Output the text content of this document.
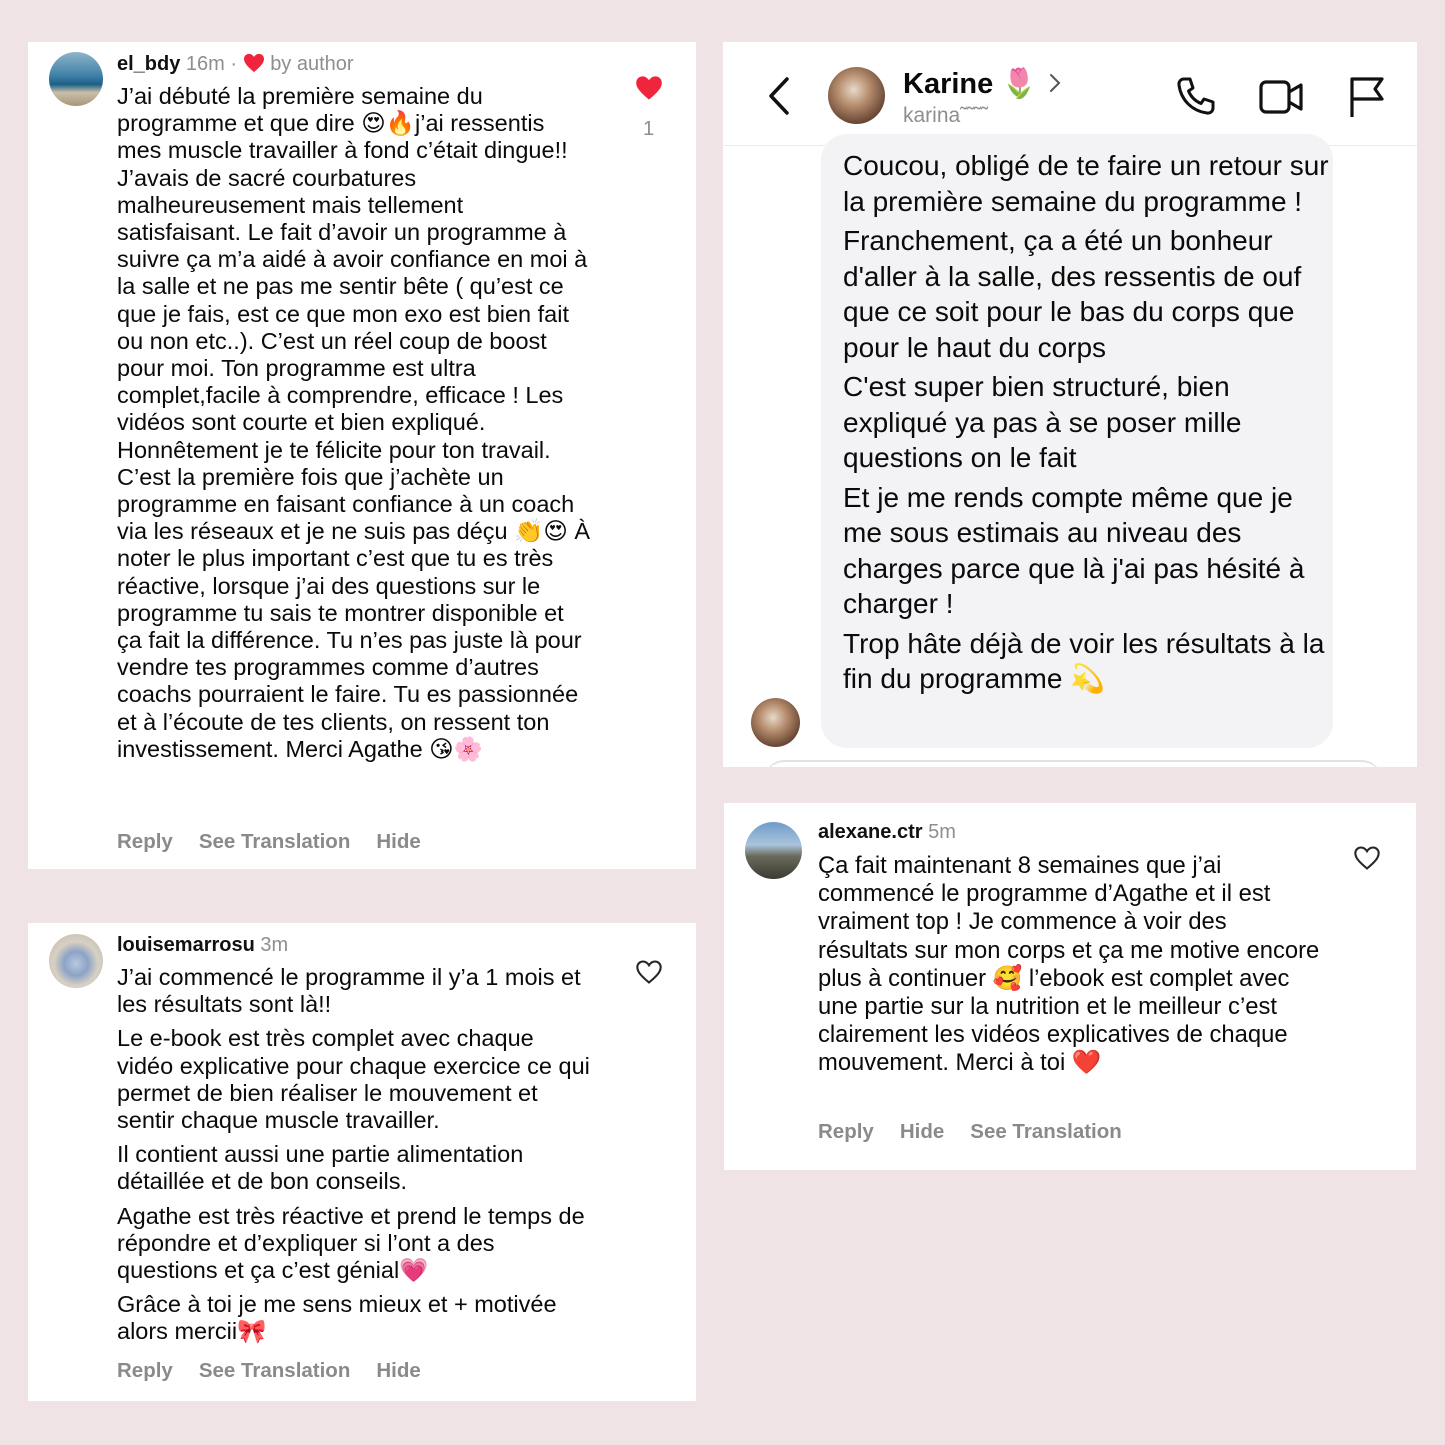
el_bdy 16m · by author

J’ai débuté la première semaine du programme et que dire 😍🔥j’ai ressentis mes muscle travailler à fond c’était dingue!! J’avais de sacré courbatures malheureusement mais tellement satisfaisant. Le fait d’avoir un programme à suivre ça m’a aidé à avoir confiance en moi à la salle et ne pas me sentir bête ( qu’est ce que je fais, est ce que mon exo est bien fait ou non etc..). C’est un réel coup de boost pour moi. Ton programme est ultra complet,facile à comprendre, efficace ! Les vidéos sont courte et bien expliqué. Honnêtement je te félicite pour ton travail. C’est la première fois que j’achète un programme en faisant confiance à un coach via les réseaux et je ne suis pas déçu 👏😍 À noter le plus important c’est que tu es très réactive, lorsque j’ai des questions sur le programme tu sais te montrer disponible et ça fait la différence. Tu n’es pas juste là pour vendre tes programmes comme d’autres coachs pourraient le faire. Tu es passionnée et à l’écoute de tes clients, on ressent ton investissement. Merci Agathe 😘🌸

1
Reply See Translation Hide
louisemarrosu 3m

J’ai commencé le programme il y’a 1 mois et les résultats sont là!!

Le e-book est très complet avec chaque vidéo explicative pour chaque exercice ce qui permet de bien réaliser le mouvement et sentir chaque muscle travailler.

Il contient aussi une partie alimentation détaillée et de bon conseils.

Agathe est très réactive et prend le temps de répondre et d’expliquer si l’ont a des questions et ça c’est génial💗

Grâce à toi je me sens mieux et + motivée alors mercii🎀

Reply See Translation Hide
Karine 🌷
karina˜˜˜˜

Coucou, obligé de te faire un retour sur la première semaine du programme !

Franchement, ça a été un bonheur d'aller à la salle, des ressentis de ouf que ce soit pour le bas du corps que pour le haut du corps

C'est super bien structuré, bien expliqué ya pas à se poser mille questions on le fait

Et je me rends compte même que je me sous estimais au niveau des charges parce que là j'ai pas hésité à charger !

Trop hâte déjà de voir les résultats à la fin du programme 💫

alexane.ctr 5m

Ça fait maintenant 8 semaines que j’ai commencé le programme d’Agathe et il est vraiment top ! Je commence à voir des résultats sur mon corps et ça me motive encore plus à continuer 🥰 l’ebook est complet avec une partie sur la nutrition et le meilleur c’est clairement les vidéos explicatives de chaque mouvement. Merci à toi ❤️

Reply Hide See Translation
